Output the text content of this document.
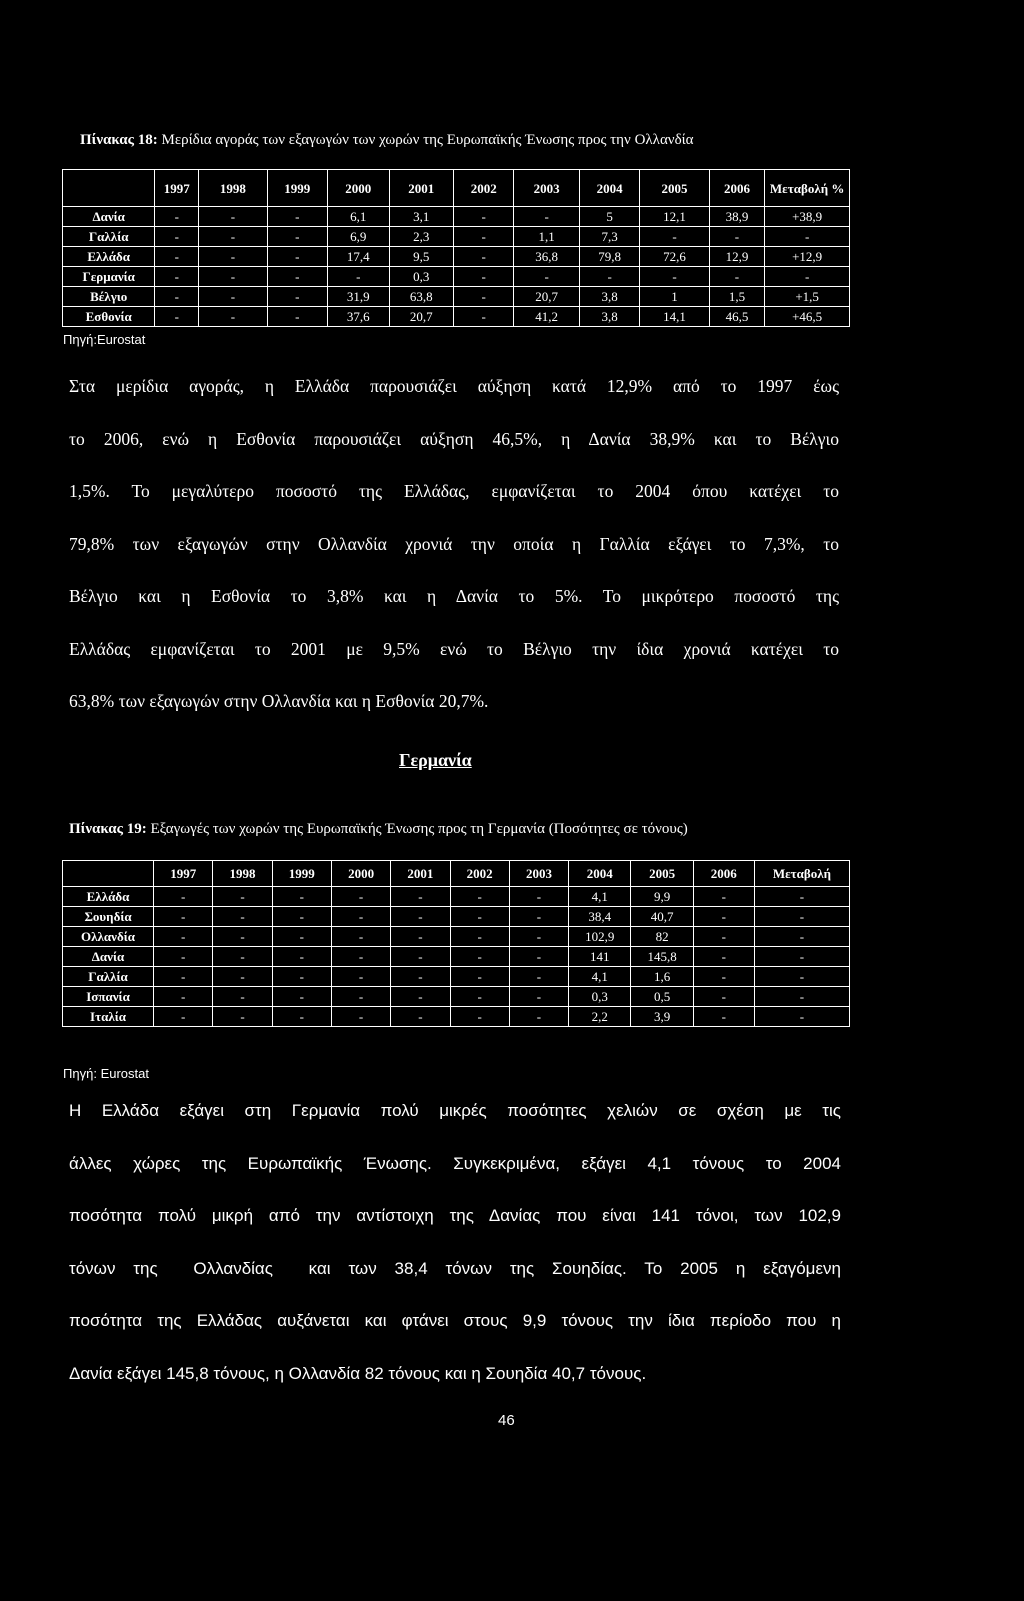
Πίνακας 18: Μερίδια αγοράς των εξαγωγών των χωρών της Ευρωπαϊκής Ένωσης προς την Ολλανδία
	1997	1998	1999	2000	2001	2002	2003	2004	2005	2006	Μεταβολή %
Δανία	-	-	-	6,1	3,1	-	-	5	12,1	38,9	+38,9
Γαλλία	-	-	-	6,9	2,3	-	1,1	7,3	-	-	-
Ελλάδα	-	-	-	17,4	9,5	-	36,8	79,8	72,6	12,9	+12,9
Γερμανία	-	-	-	-	0,3	-	-	-	-	-	-
Βέλγιο	-	-	-	31,9	63,8	-	20,7	3,8	1	1,5	+1,5
Εσθονία	-	-	-	37,6	20,7	-	41,2	3,8	14,1	46,5	+46,5
Πηγή:Eurostat

Στα μερίδια αγοράς, η Ελλάδα παρουσιάζει αύξηση κατά 12,9% από το 1997 έως

το 2006, ενώ η Εσθονία παρουσιάζει αύξηση 46,5%, η Δανία 38,9% και το Βέλγιο

1,5%. Το μεγαλύτερο ποσοστό της Ελλάδας, εμφανίζεται το 2004 όπου κατέχει το

79,8% των εξαγωγών στην Ολλανδία χρονιά την οποία η Γαλλία εξάγει το 7,3%, το

Βέλγιο και η Εσθονία το 3,8% και η Δανία το 5%. Το μικρότερο ποσοστό της

Ελλάδας εμφανίζεται το 2001 με 9,5% ενώ το Βέλγιο την ίδια χρονιά κατέχει το

63,8% των εξαγωγών στην Ολλανδία και η Εσθονία 20,7%.

Γερμανία
Πίνακας 19: Εξαγωγές των χωρών της Ευρωπαϊκής Ένωσης προς τη Γερμανία (Ποσότητες σε τόνους)
	1997	1998	1999	2000	2001	2002	2003	2004	2005	2006	Μεταβολή
Ελλάδα	-	-	-	-	-	-	-	4,1	9,9	-	-
Σουηδία	-	-	-	-	-	-	-	38,4	40,7	-	-
Ολλανδία	-	-	-	-	-	-	-	102,9	82	-	-
Δανία	-	-	-	-	-	-	-	141	145,8	-	-
Γαλλία	-	-	-	-	-	-	-	4,1	1,6	-	-
Ισπανία	-	-	-	-	-	-	-	0,3	0,5	-	-
Ιταλία	-	-	-	-	-	-	-	2,2	3,9	-	-
Πηγή: Eurostat

Η Ελλάδα εξάγει στη Γερμανία πολύ μικρές ποσότητες χελιών σε σχέση με τις

άλλες χώρες της Ευρωπαϊκής Ένωσης. Συγκεκριμένα, εξάγει 4,1 τόνους το 2004

ποσότητα πολύ μικρή από την αντίστοιχη της Δανίας που είναι 141 τόνοι, των 102,9

τόνων της  Ολλανδίας  και των 38,4 τόνων της Σουηδίας. Το 2005 η εξαγόμενη

ποσότητα της Ελλάδας αυξάνεται και φτάνει στους 9,9 τόνους την ίδια περίοδο που η

Δανία εξάγει 145,8 τόνους, η Ολλανδία 82 τόνους και η Σουηδία 40,7 τόνους.

46
